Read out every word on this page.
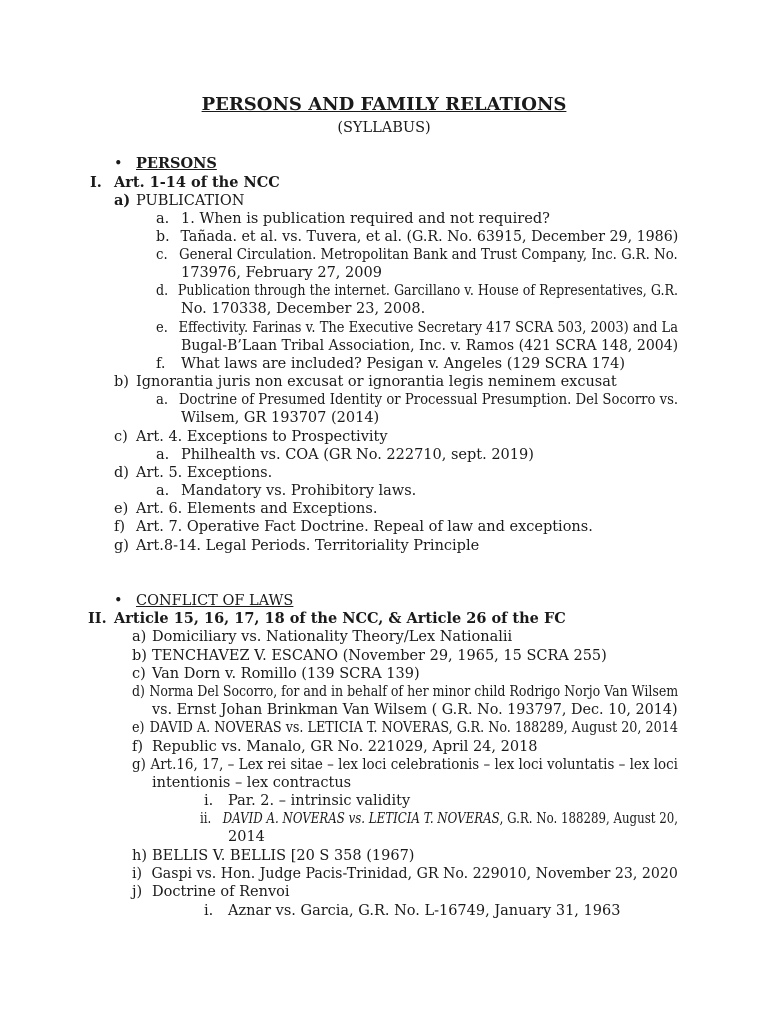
PERSONS AND FAMILY RELATIONS
(SYLLABUS)
• PERSONS
I. Art. 1-14 of the NCC
a) PUBLICATION
a. 1. When is publication required and not required?
b. Tañada. et al. vs. Tuvera, et al. (G.R. No. 63915, December 29, 1986)
c. General Circulation. Metropolitan Bank and Trust Company, Inc. G.R. No.
173976, February 27, 2009
d. Publication through the internet. Garcillano v. House of Representatives, G.R.
No. 170338, December 23, 2008.
e. Effectivity. Farinas v. The Executive Secretary 417 SCRA 503, 2003) and La
Bugal-B’Laan Tribal Association, Inc. v. Ramos (421 SCRA 148, 2004)
f. What laws are included? Pesigan v. Angeles (129 SCRA 174)
b) Ignorantia juris non excusat or ignorantia legis neminem excusat
a. Doctrine of Presumed Identity or Processual Presumption. Del Socorro vs.
Wilsem, GR 193707 (2014)
c) Art. 4. Exceptions to Prospectivity
a. Philhealth vs. COA (GR No. 222710, sept. 2019)
d) Art. 5. Exceptions.
a. Mandatory vs. Prohibitory laws.
e) Art. 6. Elements and Exceptions.
f) Art. 7. Operative Fact Doctrine. Repeal of law and exceptions.
g) Art.8-14. Legal Periods. Territoriality Principle
• CONFLICT OF LAWS
II. Article 15, 16, 17, 18 of the NCC, & Article 26 of the FC
a) Domiciliary vs. Nationality Theory/Lex Nationalii
b) TENCHAVEZ V. ESCANO (November 29, 1965, 15 SCRA 255)
c) Van Dorn v. Romillo (139 SCRA 139)
d) Norma Del Socorro, for and in behalf of her minor child Rodrigo Norjo Van Wilsem
vs. Ernst Johan Brinkman Van Wilsem ( G.R. No. 193797, Dec. 10, 2014)
e) DAVID A. NOVERAS vs. LETICIA T. NOVERAS, G.R. No. 188289, August 20, 2014
f) Republic vs. Manalo, GR No. 221029, April 24, 2018
g) Art.16, 17, – Lex rei sitae – lex loci celebrationis – lex loci voluntatis – lex loci
intentionis – lex contractus
i. Par. 2. – intrinsic validity
ii. DAVID A. NOVERAS vs. LETICIA T. NOVERAS, G.R. No. 188289, August 20,
2014
h) BELLIS V. BELLIS [20 S 358 (1967)
i) Gaspi vs. Hon. Judge Pacis-Trinidad, GR No. 229010, November 23, 2020
j) Doctrine of Renvoi
i. Aznar vs. Garcia, G.R. No. L-16749, January 31, 1963
